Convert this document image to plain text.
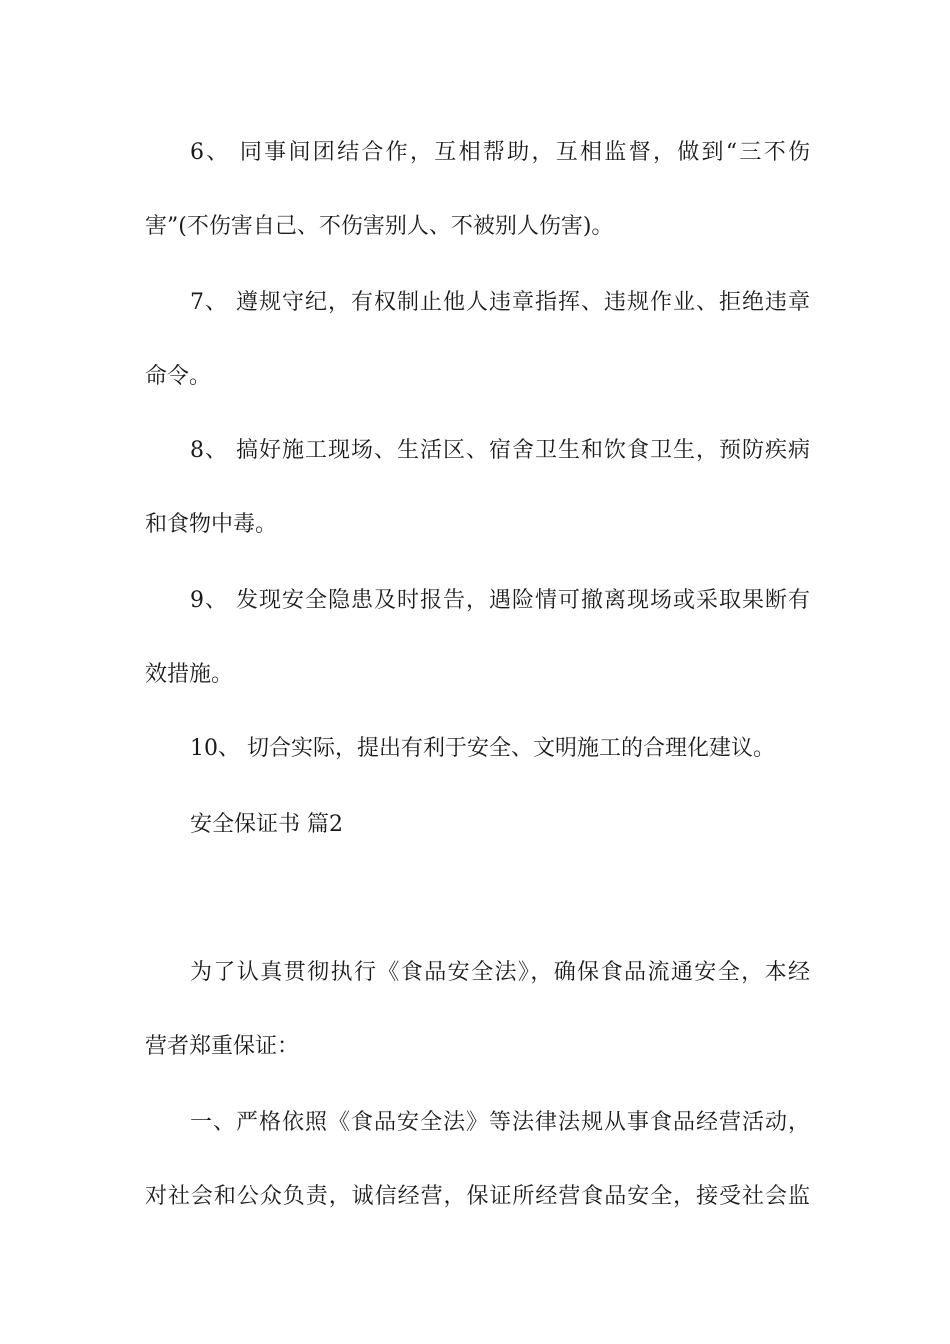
6、 同事间团结合作，互相帮助，互相监督，做到“三不伤
害”(不伤害自己、不伤害别人、不被别人伤害)。
7、 遵规守纪，有权制止他人违章指挥、违规作业、拒绝违章
命令。
8、 搞好施工现场、生活区、宿舍卫生和饮食卫生，预防疾病
和食物中毒。
9、 发现安全隐患及时报告，遇险情可撤离现场或采取果断有
效措施。
10、 切合实际，提出有利于安全、文明施工的合理化建议。
安全保证书 篇2
为了认真贯彻执行《食品安全法》，确保食品流通安全，本经
营者郑重保证：
一、严格依照《食品安全法》等法律法规从事食品经营活动，
对社会和公众负责，诚信经营，保证所经营食品安全，接受社会监
